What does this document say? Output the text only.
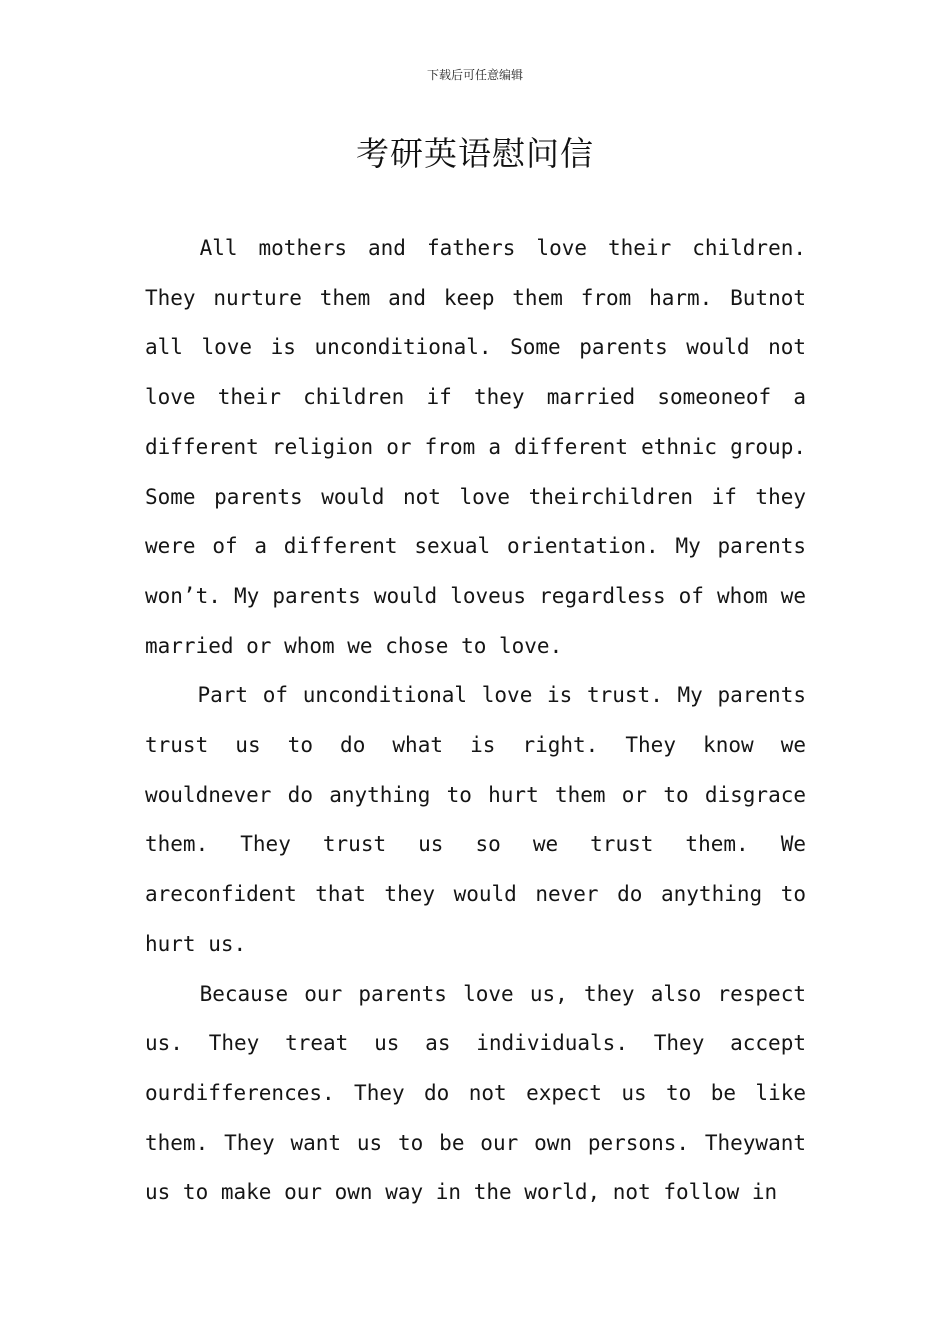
下载后可任意编辑
考研英语慰问信

All mothers and fathers love their children. They nurture them and keep them from harm. Butnot all love is unconditional. Some parents would not love their children if they married someoneof a different religion or from a different ethnic group. Some parents would not love theirchildren if they were of a different sexual orientation. My parents won’t. My parents would loveus regardless of whom we married or whom we chose to love.

Part of unconditional love is trust. My parents trust us to do what is right. They know we wouldnever do anything to hurt them or to disgrace them. They trust us so we trust them. We areconfident that they would never do anything to hurt us.

Because our parents love us, they also respect us. They treat us as individuals. They accept ourdifferences. They do not expect us to be like them. They want us to be our own persons. Theywant us to make our own way in the world, not follow in
